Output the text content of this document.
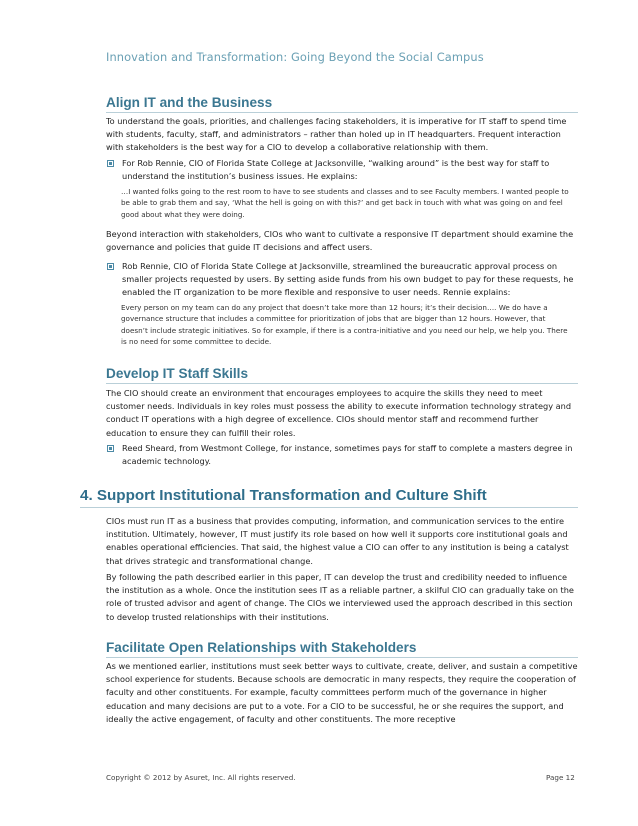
Innovation and Transformation: Going Beyond the Social Campus
Align IT and the Business
To understand the goals, priorities, and challenges facing stakeholders, it is imperative for IT staff to spend time with students, faculty, staff, and administrators – rather than holed up in IT headquarters. Frequent interaction with stakeholders is the best way for a CIO to develop a collaborative relationship with them.
For Rob Rennie, CIO of Florida State College at Jacksonville, “walking around” is the best way for staff to understand the institution’s business issues. He explains:
…I wanted folks going to the rest room to have to see students and classes and to see Faculty members. I wanted people to be able to grab them and say, ‘What the hell is going on with this?’ and get back in touch with what was going on and feel good about what they were doing.
Beyond interaction with stakeholders, CIOs who want to cultivate a responsive IT department should examine the governance and policies that guide IT decisions and affect users.
Rob Rennie, CIO of Florida State College at Jacksonville, streamlined the bureaucratic approval process on smaller projects requested by users. By setting aside funds from his own budget to pay for these requests, he enabled the IT organization to be more flexible and responsive to user needs. Rennie explains:
Every person on my team can do any project that doesn’t take more than 12 hours; it’s their decision…. We do have a governance structure that includes a committee for prioritization of jobs that are bigger than 12 hours. However, that doesn’t include strategic initiatives. So for example, if there is a contra-initiative and you need our help, we help you. There is no need for some committee to decide.
Develop IT Staff Skills
The CIO should create an environment that encourages employees to acquire the skills they need to meet customer needs. Individuals in key roles must possess the ability to execute information technology strategy and conduct IT operations with a high degree of excellence. CIOs should mentor staff and recommend further education to ensure they can fulfill their roles.
Reed Sheard, from Westmont College, for instance, sometimes pays for staff to complete a masters degree in academic technology.
4. Support Institutional Transformation and Culture Shift
CIOs must run IT as a business that provides computing, information, and communication services to the entire institution. Ultimately, however, IT must justify its role based on how well it supports core institutional goals and enables operational efficiencies. That said, the highest value a CIO can offer to any institution is being a catalyst that drives strategic and transformational change.
By following the path described earlier in this paper, IT can develop the trust and credibility needed to influence the institution as a whole. Once the institution sees IT as a reliable partner, a skilful CIO can gradually take on the role of trusted advisor and agent of change. The CIOs we interviewed used the approach described in this section to develop trusted relationships with their institutions.
Facilitate Open Relationships with Stakeholders
As we mentioned earlier, institutions must seek better ways to cultivate, create, deliver, and sustain a competitive school experience for students. Because schools are democratic in many respects, they require the cooperation of faculty and other constituents. For example, faculty committees perform much of the governance in higher education and many decisions are put to a vote. For a CIO to be successful, he or she requires the support, and ideally the active engagement, of faculty and other constituents. The more receptive
Copyright © 2012 by Asuret, Inc. All rights reserved.	Page 12
